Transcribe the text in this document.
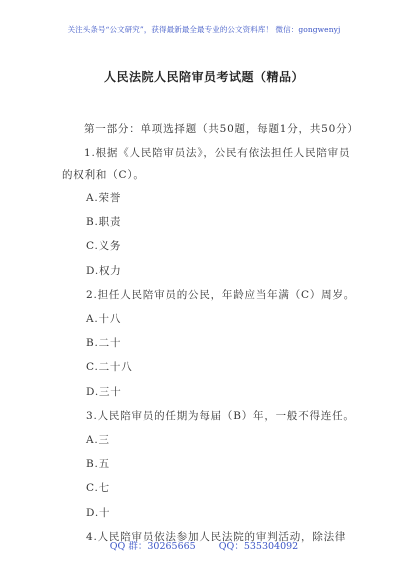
关注头条号“公文研究”，获得最新最全最专业的公文资料库！ 微信：gongwenyj
人民法院人民陪审员考试题（精品）

第一部分：单项选择题（共50题，每题1分，共50分）

1.根据《人民陪审员法》，公民有依法担任人民陪审员的权利和（C）。

A.荣誉
B.职责
C.义务
D.权力
2.担任人民陪审员的公民，年龄应当年满（C）周岁。
A.十八
B.二十
C.二十八
D.三十
3.人民陪审员的任期为每届（B）年，一般不得连任。
A.三
B.五
C.七
D.十
4.人民陪审员依法参加人民法院的审判活动，除法律
QQ 群：30265665 QQ：535304092
